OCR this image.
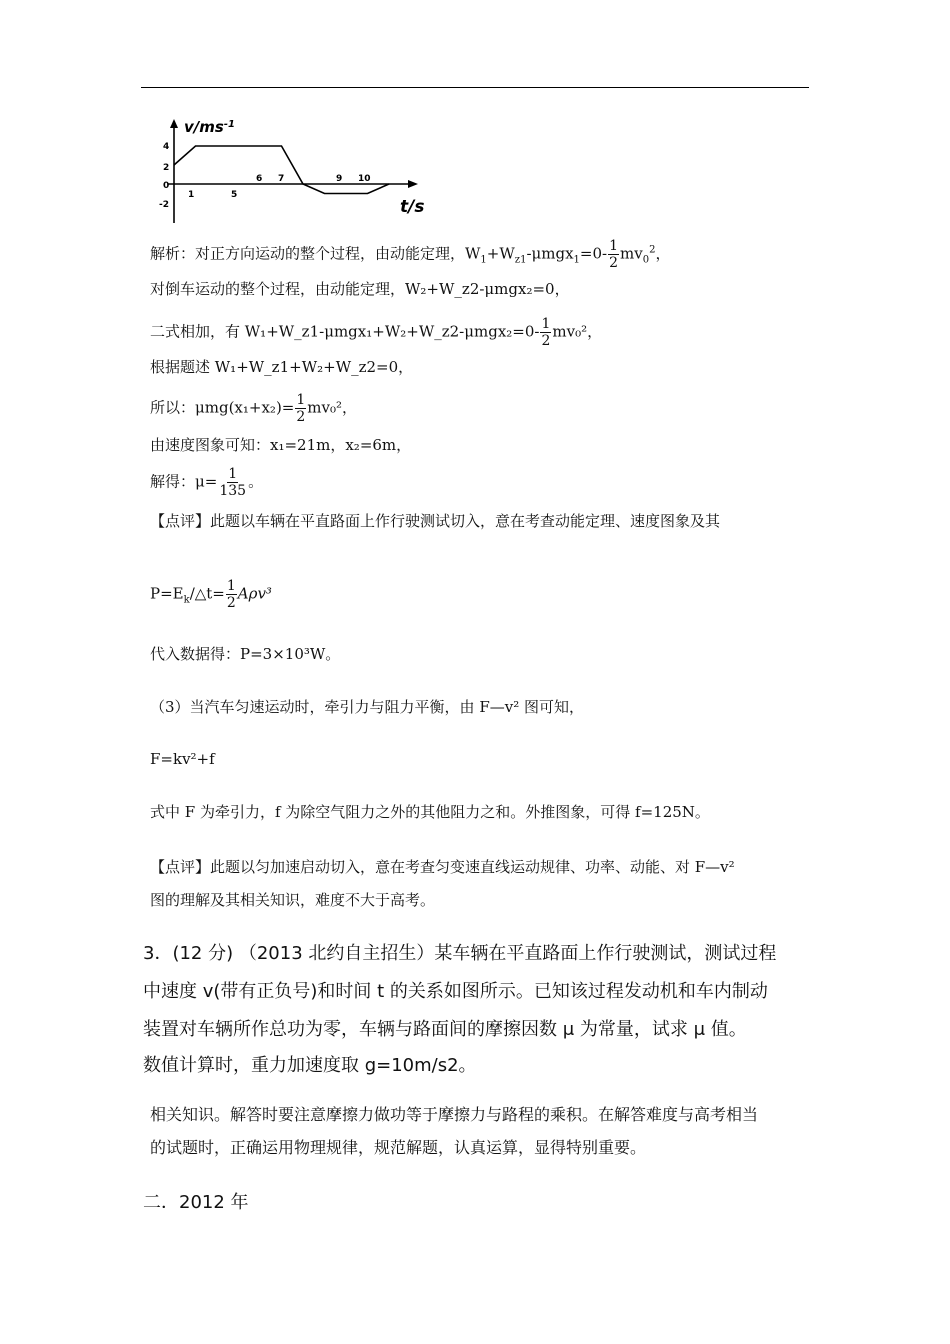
$v/ms^{-1}$
t/s
4
2
0
-2
1	5
6 7	9 10
解析：对正方向运动的整个过程，由动能定理，$W_1+W_{z1}-\mu mgx_1=0- \frac{1}{2} mv_0^2$，
对倒车运动的整个过程，由动能定理，W₂+W_z2-μmgx₂=0，
二式相加，有 W₁+W_z1-μmgx₁+W₂+W_z2-μmgx₂=0- $\frac{1}{2} mv_0^2$，
根据题述 W₁+W_z1+W₂+W_z2=0，
所以：$\mu mg(x_1+x_2)= \frac{1}{2} mv_0^2$，
由速度图象可知：x₁=21m，x₂=6m，
解得：$\mu= \frac{1}{135}$ 。
【点评】此题以车辆在平直路面上作行驶测试切入，意在考查动能定理、速度图象及其
$P=E_k/\triangle t= \frac{1}{2} A\rho v^3$
代入数据得：P=3×10³W。
（3）当汽车匀速运动时，牵引力与阻力平衡，由 F—v² 图可知，
F=kv²+f
式中 F 为牵引力，f 为除空气阻力之外的其他阻力之和。外推图象，可得 f=125N。
【点评】此题以匀加速启动切入，意在考查匀变速直线运动规律、功率、动能、对 F—v²
图的理解及其相关知识，难度不大于高考。
3．(12 分) （2013 北约自主招生）某车辆在平直路面上作行驶测试，测试过程
中速度 v(带有正负号)和时间 t 的关系如图所示。已知该过程发动机和车内制动
装置对车辆所作总功为零，车辆与路面间的摩擦因数 μ 为常量，试求 μ 值。
数值计算时，重力加速度取 g=10m/s2。
相关知识。解答时要注意摩擦力做功等于摩擦力与路程的乘积。在解答难度与高考相当
的试题时，正确运用物理规律，规范解题，认真运算，显得特别重要。
二．2012 年
